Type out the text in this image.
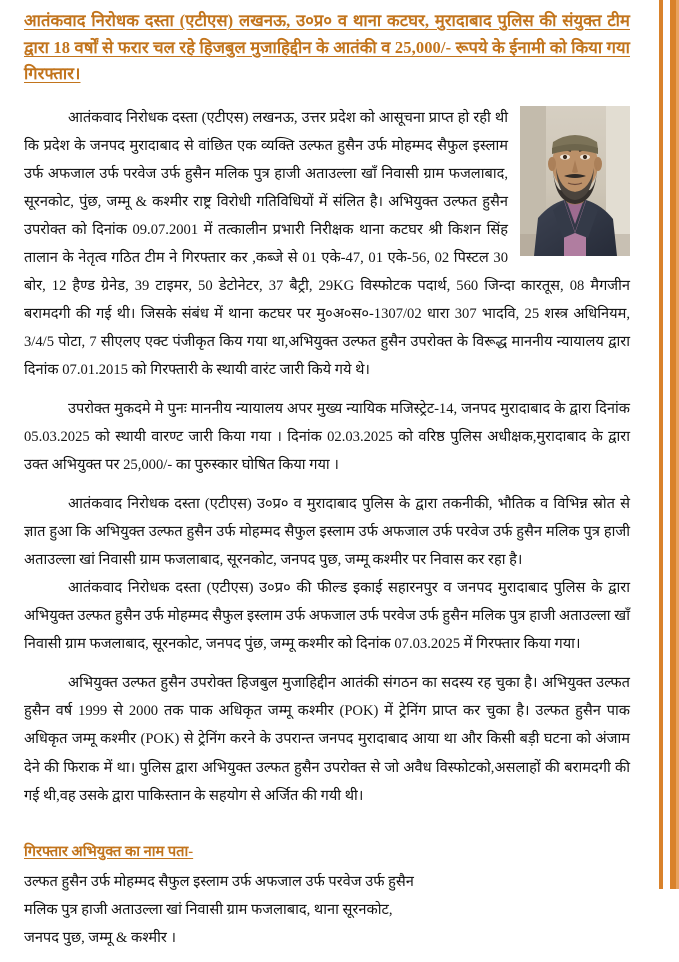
आतंकवाद निरोधक दस्ता (एटीएस) लखनऊ, उ०प्र० व थाना कटघर, मुरादाबाद पुलिस की संयुक्त टीम द्वारा 18 वर्षों से फरार चल रहे हिजबुल मुजाहिद्दीन के आतंकी व 25,000/- रूपये के ईनामी को किया गया गिरफ्तार।

आतंकवाद निरोधक दस्ता (एटीएस) लखनऊ, उत्तर प्रदेश को आसूचना प्राप्त हो रही थी कि प्रदेश के जनपद मुरादाबाद से वांछित एक व्यक्ति उल्फत हुसैन उर्फ मोहम्मद सैफुल इस्लाम उर्फ अफजाल उर्फ परवेज उर्फ हुसैन मलिक पुत्र हाजी अताउल्ला खाँ निवासी ग्राम फजलाबाद, सूरनकोट, पुंछ, जम्मू & कश्मीर राष्ट्र विरोधी गतिविधियों में संलित है। अभियुक्त उल्फत हुसैन उपरोक्त को दिनांक 09.07.2001 में तत्कालीन प्रभारी निरीक्षक थाना कटघर श्री किशन सिंह तालान के नेतृत्व गठित टीम ने गिरफ्तार कर ,कब्जे से 01 एके-47, 01 एके-56, 02 पिस्टल 30 बोर, 12 हैण्ड ग्रेनेड, 39 टाइमर, 50 डेटोनेटर, 37 बैट्री, 29KG विस्फोटक पदार्थ, 560 जिन्दा कारतूस, 08 मैगजीन बरामदगी की गई थी। जिसके संबंध में थाना कटघर पर मु०अ०स०-1307/02 धारा 307 भादवि, 25 शस्त्र अधिनियम, 3/4/5 पोटा, 7 सीएलए एक्ट पंजीकृत किय गया था,अभियुक्त उल्फत हुसैन उपरोक्त के विरूद्ध माननीय न्यायालय द्वारा दिनांक 07.01.2015 को गिरफ्तारी के स्थायी वारंट जारी किये गये थे।

उपरोक्त मुकदमे मे पुनः माननीय न्यायालय अपर मुख्य न्यायिक मजिस्ट्रेट-14, जनपद मुरादाबाद के द्वारा दिनांक 05.03.2025 को स्थायी वारण्ट जारी किया गया । दिनांक 02.03.2025 को वरिष्ठ पुलिस अधीक्षक,मुरादाबाद के द्वारा उक्त अभियुक्त पर 25,000/- का पुरुस्कार घोषित किया गया ।

आतंकवाद निरोधक दस्ता (एटीएस) उ०प्र० व मुरादाबाद पुलिस के द्वारा तकनीकी, भौतिक व विभिन्न स्रोत से ज्ञात हुआ कि अभियुक्त उल्फत हुसैन उर्फ मोहम्मद सैफुल इस्लाम उर्फ अफजाल उर्फ परवेज उर्फ हुसैन मलिक पुत्र हाजी अताउल्ला खां निवासी ग्राम फजलाबाद, सूरनकोट, जनपद पुछ, जम्मू कश्मीर पर निवास कर रहा है।

आतंकवाद निरोधक दस्ता (एटीएस) उ०प्र० की फील्ड इकाई सहारनपुर व जनपद मुरादाबाद पुलिस के द्वारा अभियुक्त उल्फत हुसैन उर्फ मोहम्मद सैफुल इस्लाम उर्फ अफजाल उर्फ परवेज उर्फ हुसैन मलिक पुत्र हाजी अताउल्ला खाँ निवासी ग्राम फजलाबाद, सूरनकोट, जनपद पुंछ, जम्मू कश्मीर को दिनांक 07.03.2025 में गिरफ्तार किया गया।

अभियुक्त उल्फत हुसैन उपरोक्त हिजबुल मुजाहिद्दीन आतंकी संगठन का सदस्य रह चुका है। अभियुक्त उल्फत हुसैन वर्ष 1999 से 2000 तक पाक अधिकृत जम्मू कश्मीर (POK) में ट्रेनिंग प्राप्त कर चुका है। उल्फत हुसैन पाक अधिकृत जम्मू कश्मीर (POK) से ट्रेनिंग करने के उपरान्त जनपद मुरादाबाद आया था और किसी बड़ी घटना को अंजाम देने की फिराक में था। पुलिस द्वारा अभियुक्त उल्फत हुसैन उपरोक्त से जो अवैध विस्फोटको,असलाहों की बरामदगी की गई थी,वह उसके द्वारा पाकिस्तान के सहयोग से अर्जित की गयी थी।

गिरफ्तार अभियुक्त का नाम पता-
उल्फत हुसैन उर्फ मोहम्मद सैफुल इस्लाम उर्फ अफजाल उर्फ परवेज उर्फ हुसैन
मलिक पुत्र हाजी अताउल्ला खां निवासी ग्राम फजलाबाद, थाना सूरनकोट,
जनपद पुछ, जम्मू & कश्मीर ।
